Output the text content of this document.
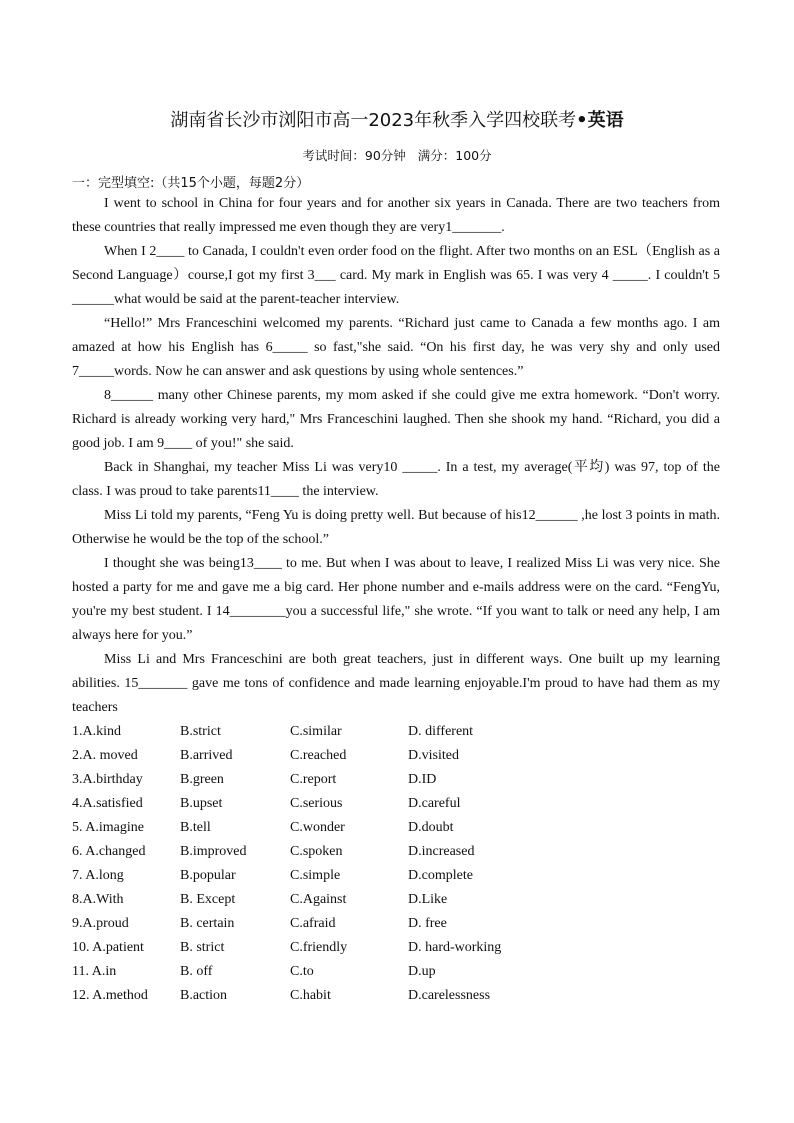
湖南省长沙市浏阳市高一2023年秋季入学四校联考•英语
考试时间：90分钟 满分：100分
一：完型填空:（共15个小题，每题2分）

I went to school in China for four years and for another six years in Canada. There are two teachers from these countries that really impressed me even though they are very1_______.

When I 2____ to Canada, I couldn't even order food on the flight. After two months on an ESL（English as a Second Language）course,I got my first 3___ card. My mark in English was 65. I was very 4 _____. I couldn't 5 ______what would be said at the parent-teacher interview.

“Hello!” Mrs Franceschini welcomed my parents. “Richard just came to Canada a few months ago. I am amazed at how his English has 6_____ so fast,"she said. “On his first day, he was very shy and only used 7_____words. Now he can answer and ask questions by using whole sentences.”

8______ many other Chinese parents, my mom asked if she could give me extra homework. “Don't worry. Richard is already working very hard," Mrs Franceschini laughed. Then she shook my hand. “Richard, you did a good job. I am 9____ of you!" she said.

Back in Shanghai, my teacher Miss Li was very10 _____. In a test, my average(平均) was 97, top of the class. I was proud to take parents11____ the interview.

Miss Li told my parents, “Feng Yu is doing pretty well. But because of his12______ ,he lost 3 points in math. Otherwise he would be the top of the school.”

I thought she was being13____ to me. But when I was about to leave, I realized Miss Li was very nice. She hosted a party for me and gave me a big card. Her phone number and e-mails address were on the card. “FengYu, you're my best student. I 14________you a successful life," she wrote. “If you want to talk or need any help, I am always here for you.”

Miss Li and Mrs Franceschini are both great teachers, just in different ways. One built up my learning abilities. 15_______ gave me tons of confidence and made learning enjoyable.I'm proud to have had them as my teachers

1.A.kind	B.strict	C.similar	D. different
2.A. moved	B.arrived	C.reached	D.visited
3.A.birthday	B.green	C.report	D.ID
4.A.satisfied	B.upset	C.serious	D.careful
5. A.imagine	B.tell	C.wonder	D.doubt
6. A.changed B.improved	C.spoken	D.increased
7. A.long	B.popular	C.simple	D.complete
8.A.With	B. Except	C.Against	D.Like
9.A.proud	B. certain	C.afraid	D. free
10. A.patient	B. strict	C.friendly	D. hard-working
11. A.in	B. off	C.to	D.up
12. A.method B.action	C.habit	D.carelessness
